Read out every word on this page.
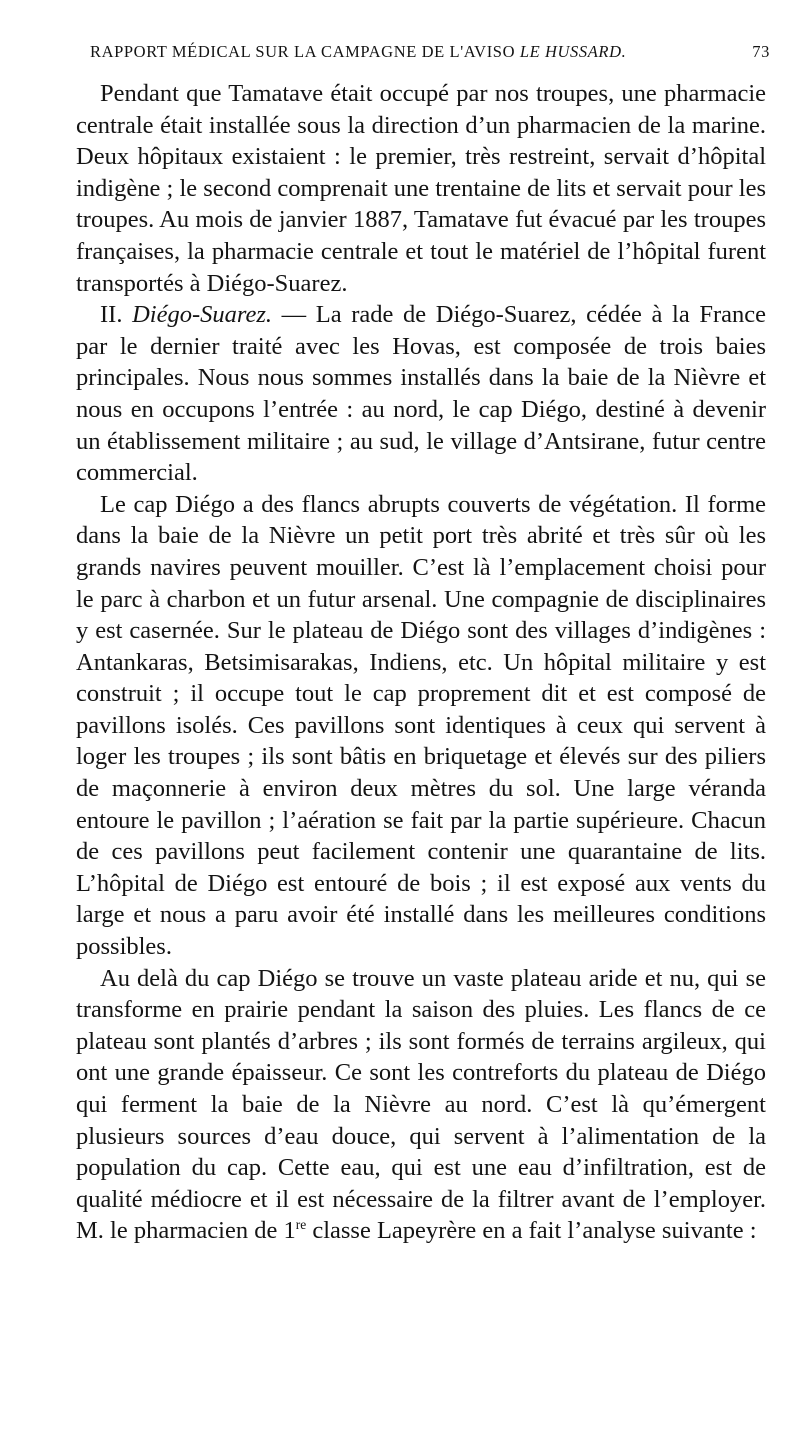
RAPPORT MÉDICAL SUR LA CAMPAGNE DE L'AVISO LE HUSSARD.	73

Pendant que Tamatave était occupé par nos troupes, une pharmacie centrale était installée sous la direction d’un pharmacien de la marine. Deux hôpitaux existaient : le premier, très restreint, servait d’hôpital indigène ; le second comprenait une trentaine de lits et servait pour les troupes. Au mois de janvier 1887, Tamatave fut évacué par les troupes françaises, la pharmacie centrale et tout le matériel de l’hôpital furent transportés à Diégo-Suarez.

II. Diégo-Suarez. — La rade de Diégo-Suarez, cédée à la France par le dernier traité avec les Hovas, est composée de trois baies principales. Nous nous sommes installés dans la baie de la Nièvre et nous en occupons l’entrée : au nord, le cap Diégo, destiné à devenir un établissement militaire ; au sud, le village d’Antsirane, futur centre commercial.

Le cap Diégo a des flancs abrupts couverts de végétation. Il forme dans la baie de la Nièvre un petit port très abrité et très sûr où les grands navires peuvent mouiller. C’est là l’emplacement choisi pour le parc à charbon et un futur arsenal. Une compagnie de disciplinaires y est casernée. Sur le plateau de Diégo sont des villages d’indigènes : Antankaras, Betsimisarakas, Indiens, etc. Un hôpital militaire y est construit ; il occupe tout le cap proprement dit et est composé de pavillons isolés. Ces pavillons sont identiques à ceux qui servent à loger les troupes ; ils sont bâtis en briquetage et élevés sur des piliers de maçonnerie à environ deux mètres du sol. Une large véranda entoure le pavillon ; l’aération se fait par la partie supérieure. Chacun de ces pavillons peut facilement contenir une quarantaine de lits. L’hôpital de Diégo est entouré de bois ; il est exposé aux vents du large et nous a paru avoir été installé dans les meilleures conditions possibles.

Au delà du cap Diégo se trouve un vaste plateau aride et nu, qui se transforme en prairie pendant la saison des pluies. Les flancs de ce plateau sont plantés d’arbres ; ils sont formés de terrains argileux, qui ont une grande épaisseur. Ce sont les contreforts du plateau de Diégo qui ferment la baie de la Nièvre au nord. C’est là qu’émergent plusieurs sources d’eau douce, qui servent à l’alimentation de la population du cap. Cette eau, qui est une eau d’infiltration, est de qualité médiocre et il est nécessaire de la filtrer avant de l’employer. M. le pharmacien de 1re classe Lapeyrère en a fait l’analyse suivante :
